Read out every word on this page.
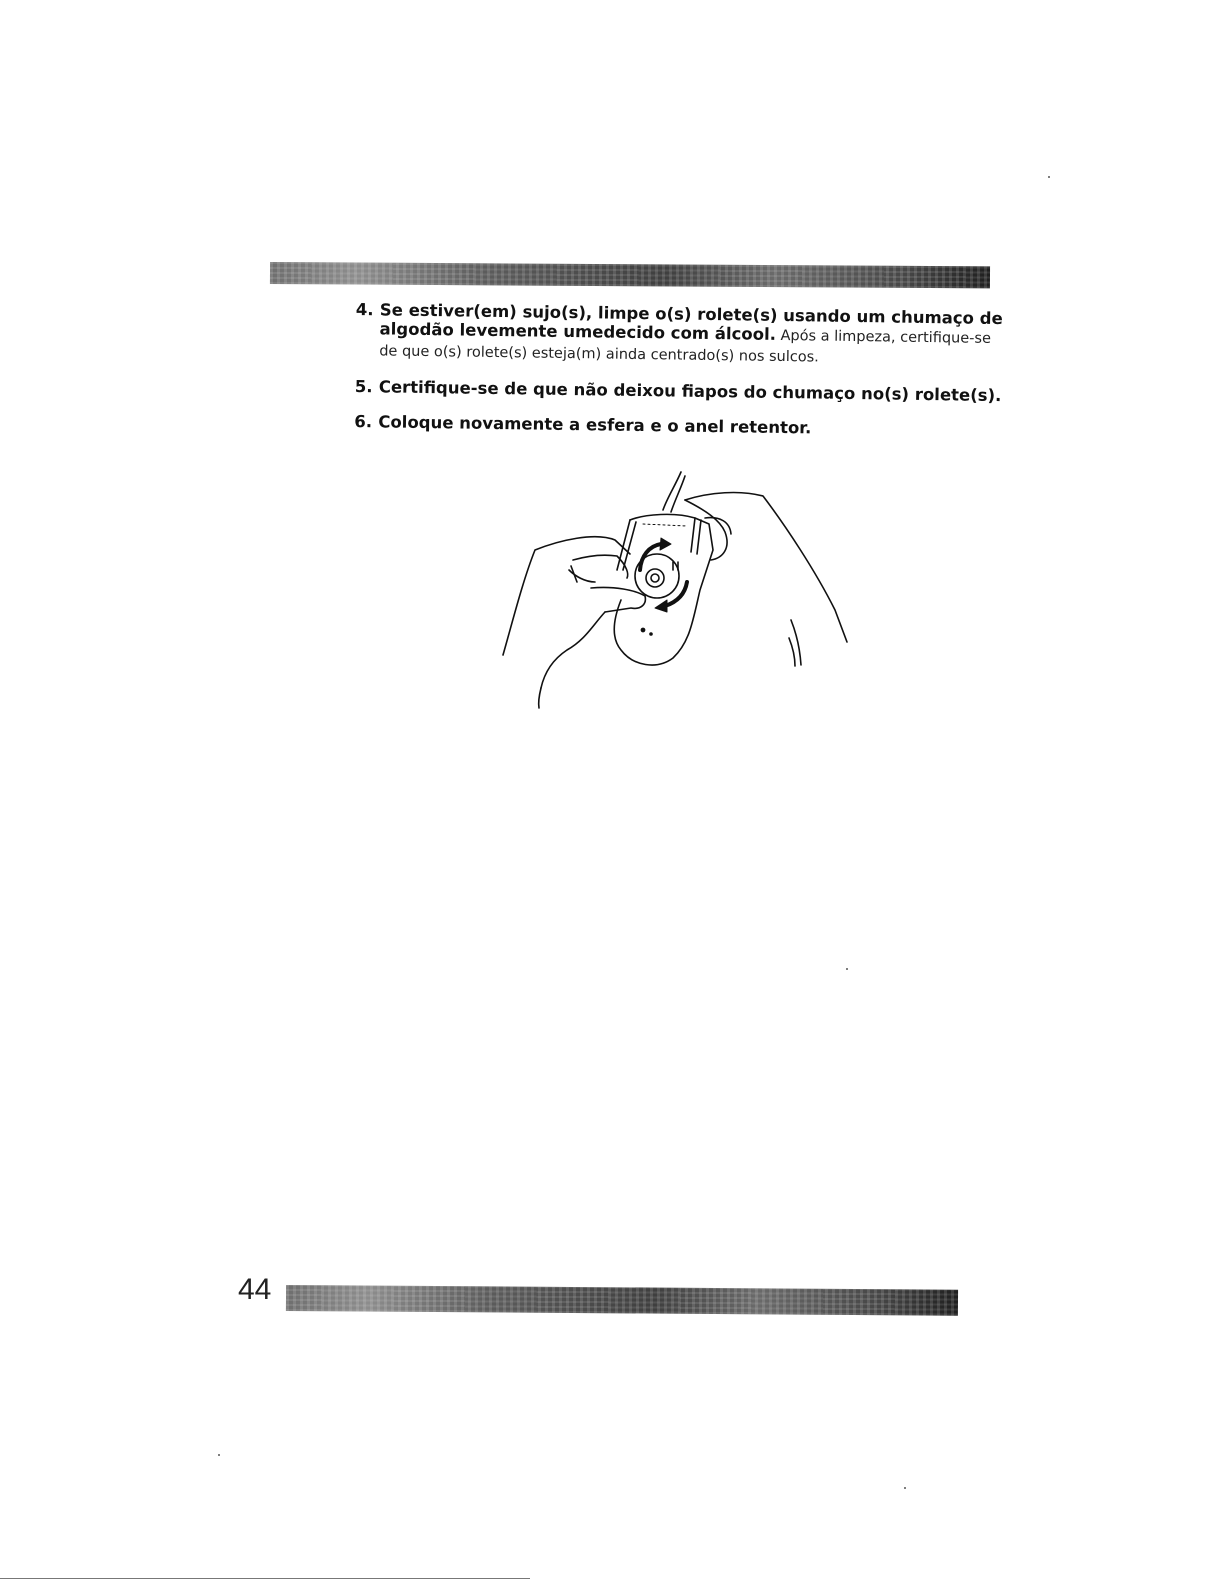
4. Se estiver(em) sujo(s), limpe o(s) rolete(s) usando um chumaço de algodão levemente umedecido com álcool. Após a limpeza, certifique-se de que o(s) rolete(s) esteja(m) ainda centrado(s) nos sulcos.
5. Certifique-se de que não deixou fiapos do chumaço no(s) rolete(s).
6. Coloque novamente a esfera e o anel retentor.
44
